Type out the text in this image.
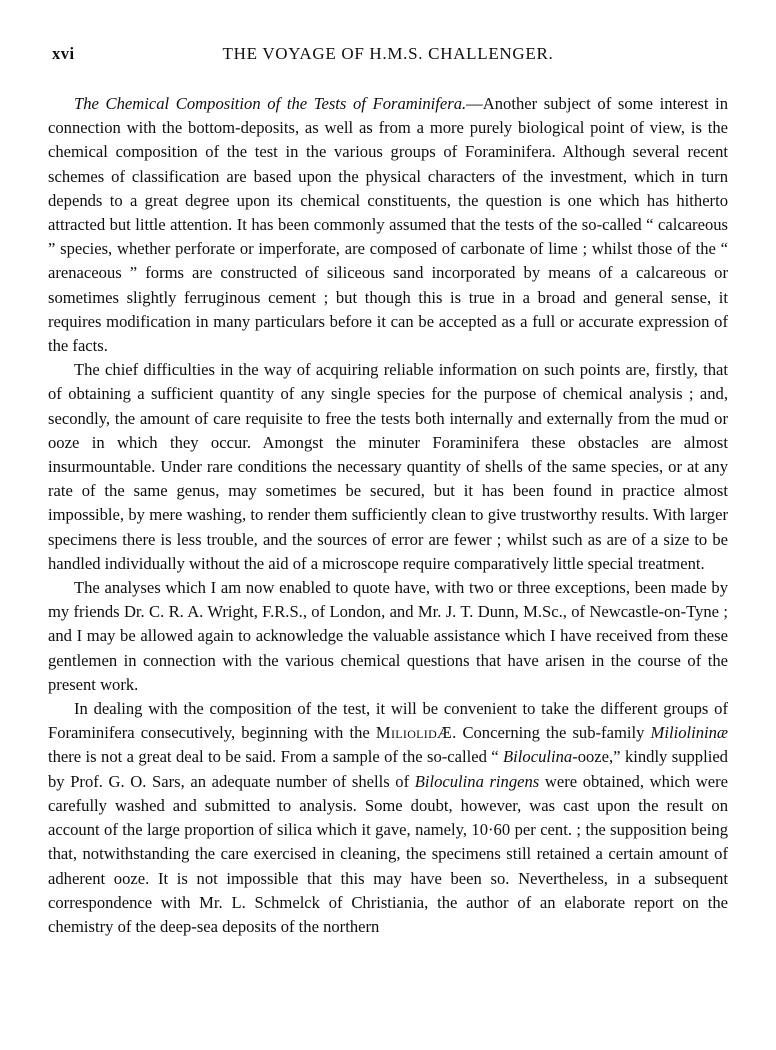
xvi	THE VOYAGE OF H.M.S. CHALLENGER.

The Chemical Composition of the Tests of Foraminifera.—Another subject of some interest in connection with the bottom-deposits, as well as from a more purely biological point of view, is the chemical composition of the test in the various groups of Foraminifera. Although several recent schemes of classification are based upon the physical characters of the investment, which in turn depends to a great degree upon its chemical constituents, the question is one which has hitherto attracted but little attention. It has been commonly assumed that the tests of the so-called “ calcareous ” species, whether perforate or imperforate, are composed of carbonate of lime ; whilst those of the “ arenaceous ” forms are constructed of siliceous sand incorporated by means of a calcareous or sometimes slightly ferruginous cement ; but though this is true in a broad and general sense, it requires modification in many particulars before it can be accepted as a full or accurate expression of the facts.

The chief difficulties in the way of acquiring reliable information on such points are, firstly, that of obtaining a sufficient quantity of any single species for the purpose of chemical analysis ; and, secondly, the amount of care requisite to free the tests both internally and externally from the mud or ooze in which they occur. Amongst the minuter Foraminifera these obstacles are almost insurmountable. Under rare conditions the necessary quantity of shells of the same species, or at any rate of the same genus, may sometimes be secured, but it has been found in practice almost impossible, by mere washing, to render them sufficiently clean to give trustworthy results. With larger specimens there is less trouble, and the sources of error are fewer ; whilst such as are of a size to be handled individually without the aid of a microscope require comparatively little special treatment.

The analyses which I am now enabled to quote have, with two or three exceptions, been made by my friends Dr. C. R. A. Wright, F.R.S., of London, and Mr. J. T. Dunn, M.Sc., of Newcastle-on-Tyne ; and I may be allowed again to acknowledge the valuable assistance which I have received from these gentlemen in connection with the various chemical questions that have arisen in the course of the present work.

In dealing with the composition of the test, it will be convenient to take the different groups of Foraminifera consecutively, beginning with the MiliolidÆ. Concerning the sub-family Miliolininæ there is not a great deal to be said. From a sample of the so-called “ Biloculina-ooze,” kindly supplied by Prof. G. O. Sars, an adequate number of shells of Biloculina ringens were obtained, which were carefully washed and submitted to analysis. Some doubt, however, was cast upon the result on account of the large proportion of silica which it gave, namely, 10·60 per cent. ; the supposition being that, notwithstanding the care exercised in cleaning, the specimens still retained a certain amount of adherent ooze. It is not impossible that this may have been so. Nevertheless, in a subsequent correspondence with Mr. L. Schmelck of Christiania, the author of an elaborate report on the chemistry of the deep-sea deposits of the northern
